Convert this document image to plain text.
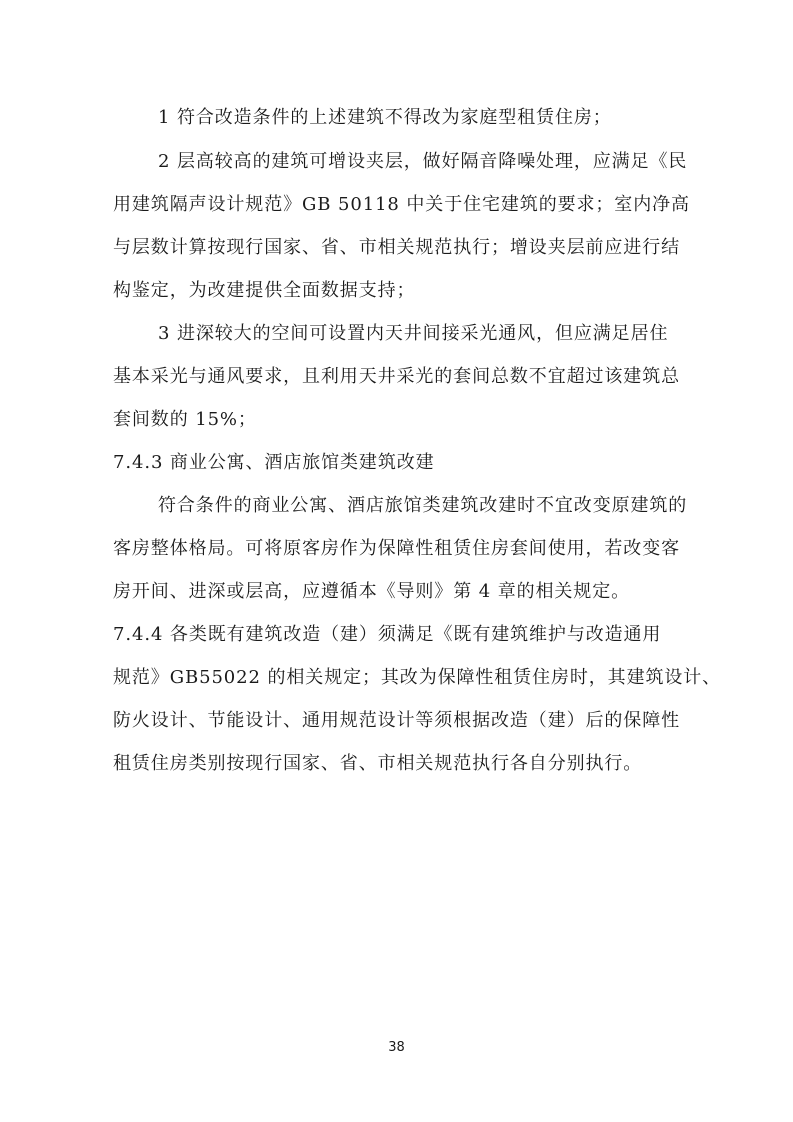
1 符合改造条件的上述建筑不得改为家庭型租赁住房；

2 层高较高的建筑可增设夹层，做好隔音降噪处理，应满足《民

用建筑隔声设计规范》GB 50118 中关于住宅建筑的要求；室内净高

与层数计算按现行国家、省、市相关规范执行；增设夹层前应进行结

构鉴定，为改建提供全面数据支持；

3 进深较大的空间可设置内天井间接采光通风，但应满足居住

基本采光与通风要求，且利用天井采光的套间总数不宜超过该建筑总

套间数的 15%；

7.4.3 商业公寓、酒店旅馆类建筑改建

符合条件的商业公寓、酒店旅馆类建筑改建时不宜改变原建筑的

客房整体格局。可将原客房作为保障性租赁住房套间使用，若改变客

房开间、进深或层高，应遵循本《导则》第 4 章的相关规定。

7.4.4 各类既有建筑改造（建）须满足《既有建筑维护与改造通用

规范》GB55022 的相关规定；其改为保障性租赁住房时，其建筑设计、

防火设计、节能设计、通用规范设计等须根据改造（建）后的保障性

租赁住房类别按现行国家、省、市相关规范执行各自分别执行。

38
